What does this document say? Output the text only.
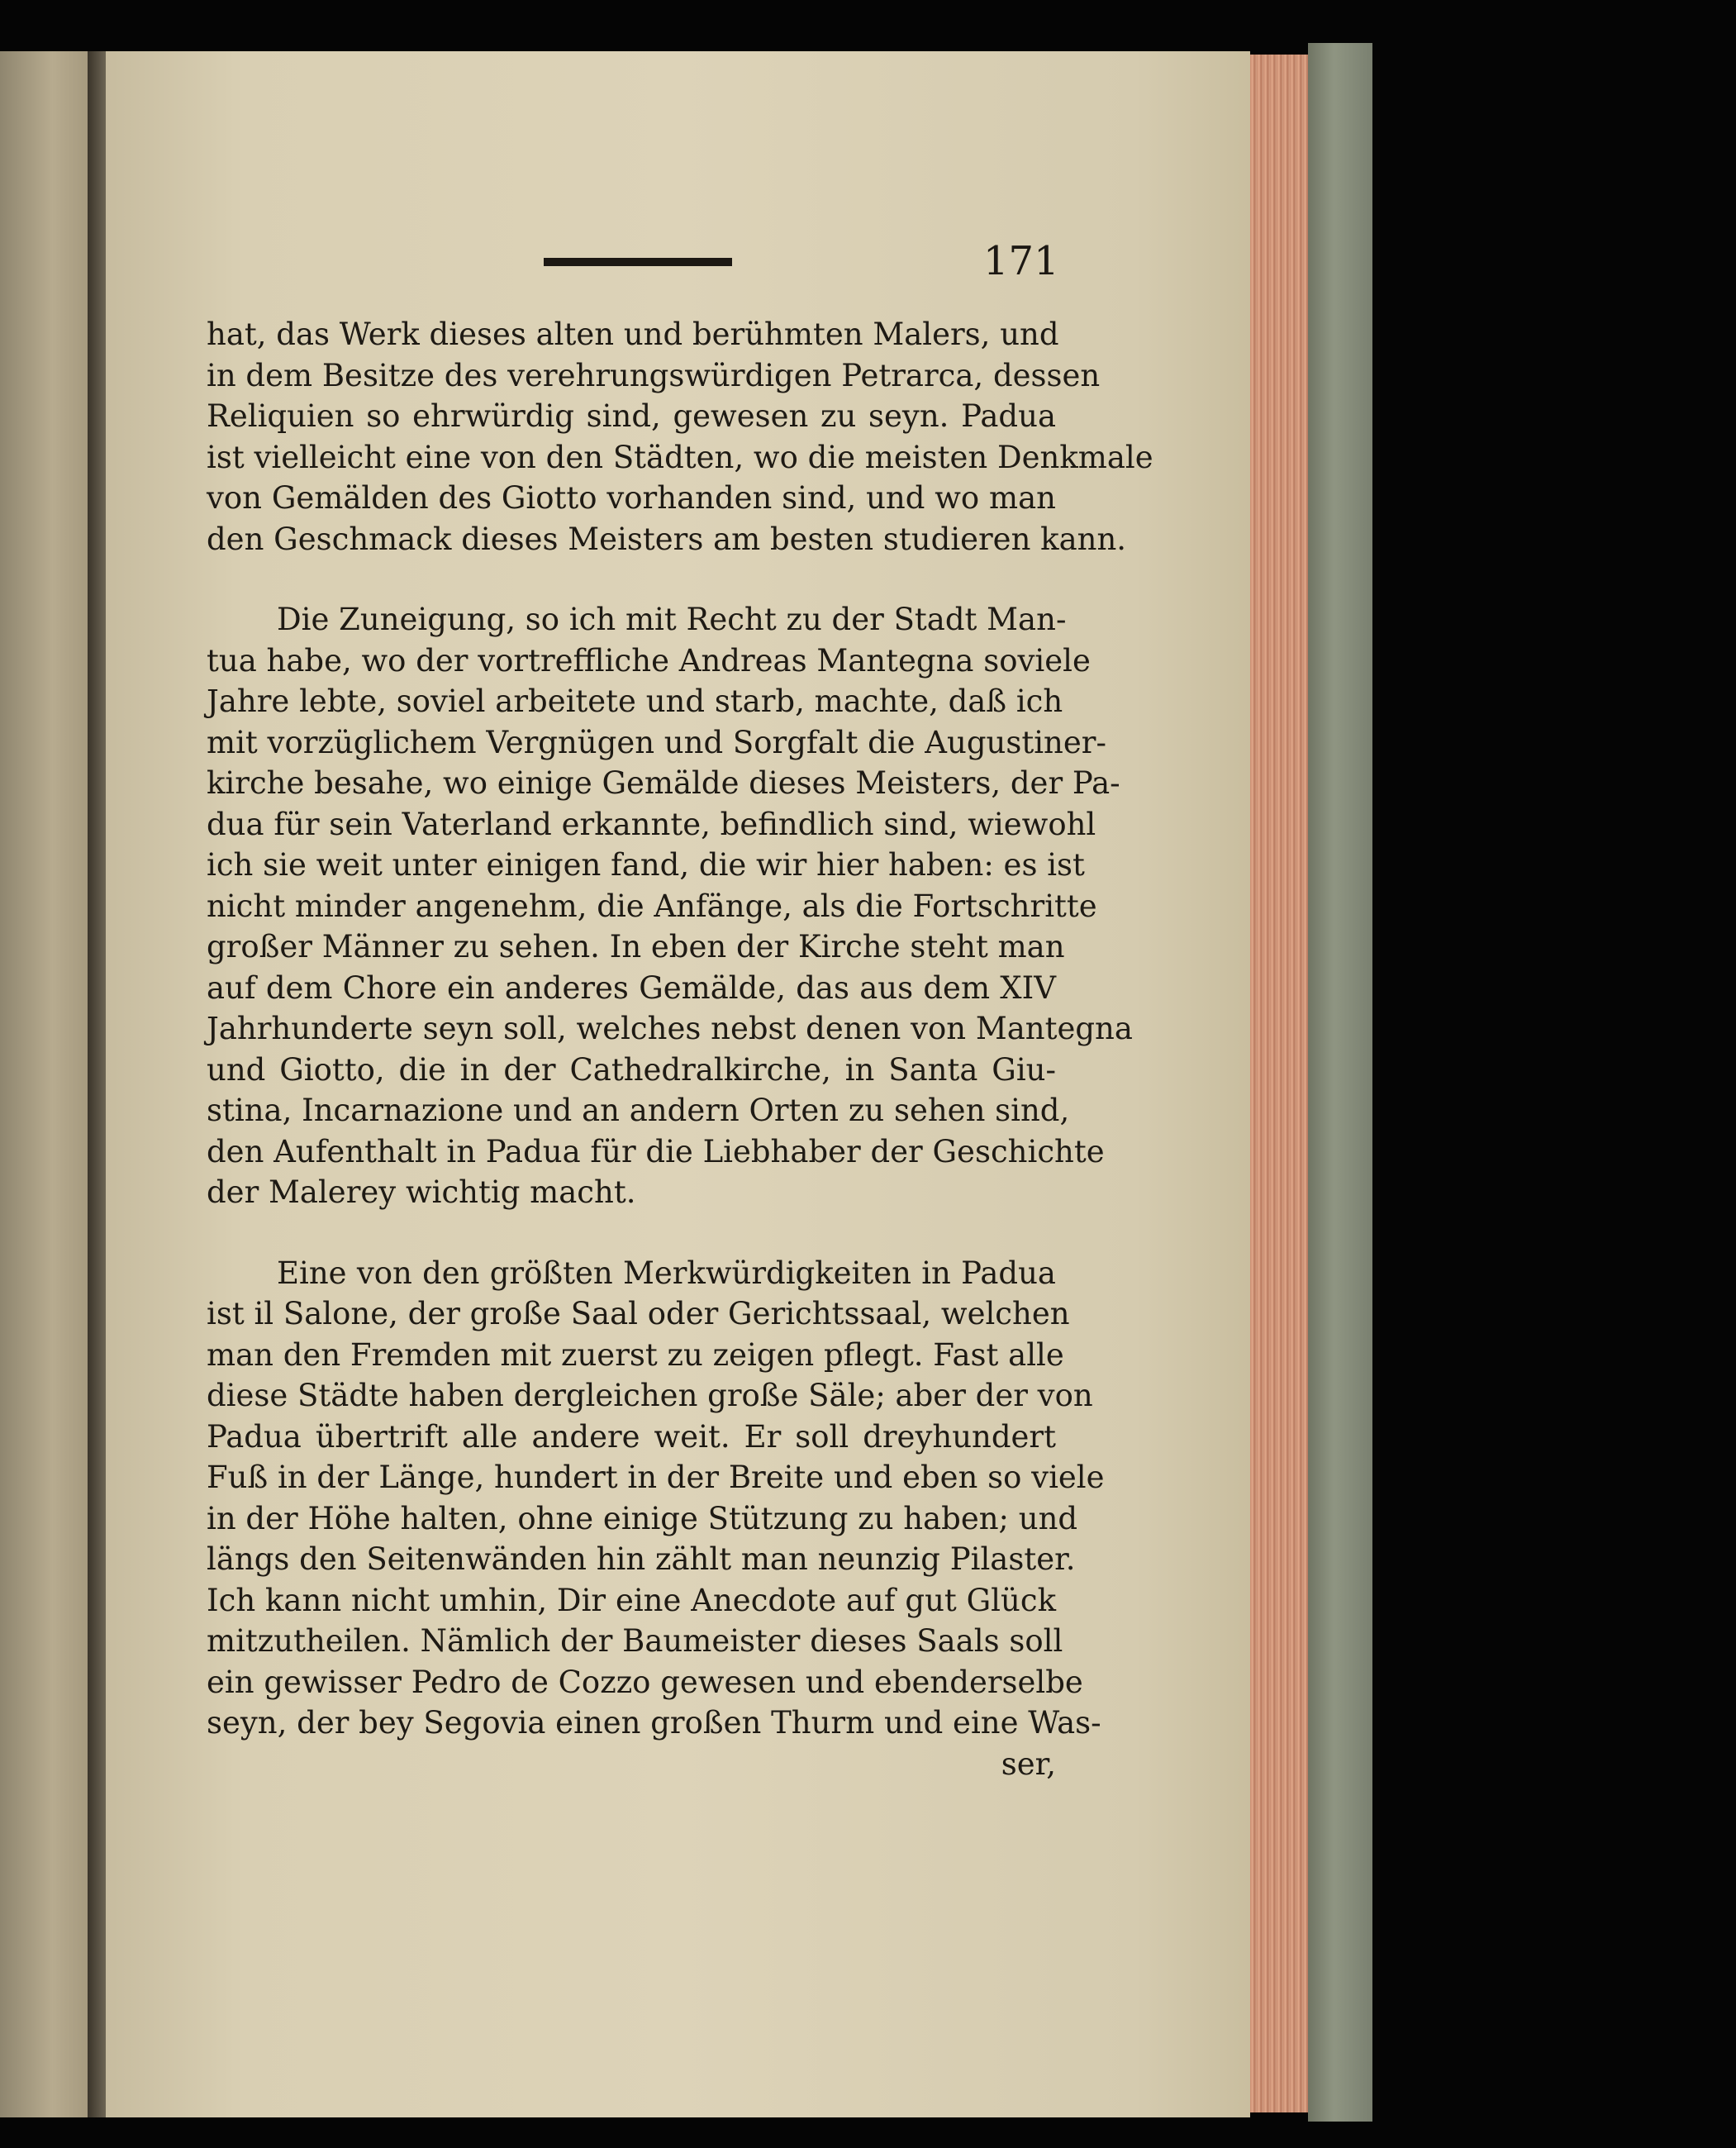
171
hat, das Werk dieses alten und berühmten Malers, und
in dem Besitze des verehrungswürdigen Petrarca, dessen
Reliquien so ehrwürdig sind, gewesen zu seyn. Padua
ist vielleicht eine von den Städten, wo die meisten Denkmale
von Gemälden des Giotto vorhanden sind, und wo man
den Geschmack dieses Meisters am besten studieren kann.
Die Zuneigung, so ich mit Recht zu der Stadt Man-
tua habe, wo der vortreffliche Andreas Mantegna soviele
Jahre lebte, soviel arbeitete und starb, machte, daß ich
mit vorzüglichem Vergnügen und Sorgfalt die Augustiner-
kirche besahe, wo einige Gemälde dieses Meisters, der Pa-
dua für sein Vaterland erkannte, befindlich sind, wiewohl
ich sie weit unter einigen fand, die wir hier haben: es ist
nicht minder angenehm, die Anfänge, als die Fortschritte
großer Männer zu sehen. In eben der Kirche steht man
auf dem Chore ein anderes Gemälde, das aus dem XIV
Jahrhunderte seyn soll, welches nebst denen von Mantegna
und Giotto, die in der Cathedralkirche, in Santa Giu-
stina, Incarnazione und an andern Orten zu sehen sind,
den Aufenthalt in Padua für die Liebhaber der Geschichte
der Malerey wichtig macht.
Eine von den größten Merkwürdigkeiten in Padua
ist il Salone, der große Saal oder Gerichtssaal, welchen
man den Fremden mit zuerst zu zeigen pflegt. Fast alle
diese Städte haben dergleichen große Säle; aber der von
Padua übertrift alle andere weit. Er soll dreyhundert
Fuß in der Länge, hundert in der Breite und eben so viele
in der Höhe halten, ohne einige Stützung zu haben; und
längs den Seitenwänden hin zählt man neunzig Pilaster.
Ich kann nicht umhin, Dir eine Anecdote auf gut Glück
mitzutheilen. Nämlich der Baumeister dieses Saals soll
ein gewisser Pedro de Cozzo gewesen und ebenderselbe
seyn, der bey Segovia einen großen Thurm und eine Was-
ser,
